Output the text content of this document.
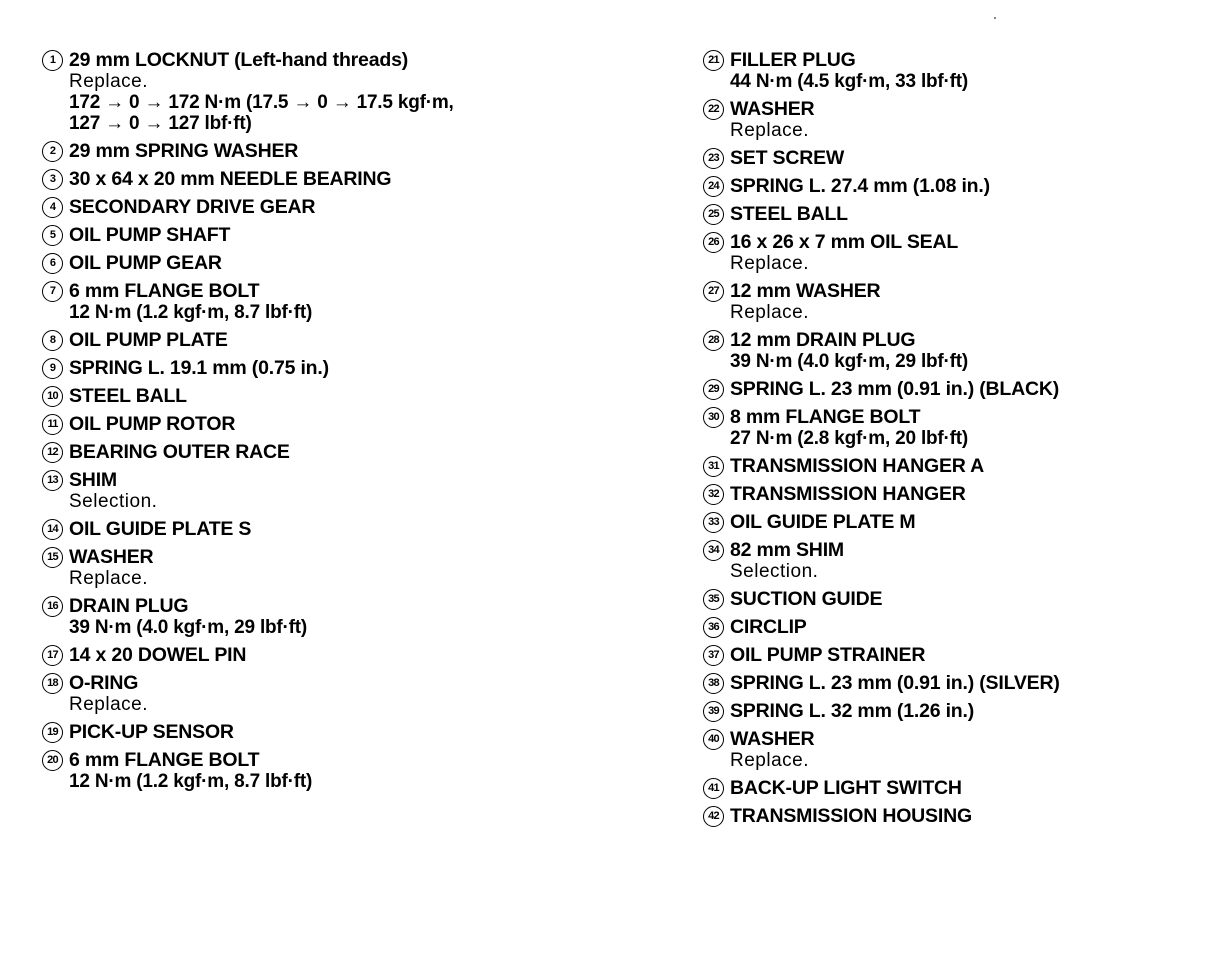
1 29 mm LOCKNUT (Left-hand threads)
Replace.
172 → 0 → 172 N·m (17.5 → 0 → 17.5 kgf·m,
127 → 0 → 127 lbf·ft)
2 29 mm SPRING WASHER
3 30 x 64 x 20 mm NEEDLE BEARING
4 SECONDARY DRIVE GEAR
5 OIL PUMP SHAFT
6 OIL PUMP GEAR
7 6 mm FLANGE BOLT
12 N·m (1.2 kgf·m, 8.7 lbf·ft)
8 OIL PUMP PLATE
9 SPRING L. 19.1 mm (0.75 in.)
10 STEEL BALL
11 OIL PUMP ROTOR
12 BEARING OUTER RACE
13 SHIM
Selection.
14 OIL GUIDE PLATE S
15 WASHER
Replace.
16 DRAIN PLUG
39 N·m (4.0 kgf·m, 29 lbf·ft)
17 14 x 20 DOWEL PIN
18 O-RING
Replace.
19 PICK-UP SENSOR
20 6 mm FLANGE BOLT
12 N·m (1.2 kgf·m, 8.7 lbf·ft)
21 FILLER PLUG
44 N·m (4.5 kgf·m, 33 lbf·ft)
22 WASHER
Replace.
23 SET SCREW
24 SPRING L. 27.4 mm (1.08 in.)
25 STEEL BALL
26 16 x 26 x 7 mm OIL SEAL
Replace.
27 12 mm WASHER
Replace.
28 12 mm DRAIN PLUG
39 N·m (4.0 kgf·m, 29 lbf·ft)
29 SPRING L. 23 mm (0.91 in.) (BLACK)
30 8 mm FLANGE BOLT
27 N·m (2.8 kgf·m, 20 lbf·ft)
31 TRANSMISSION HANGER A
32 TRANSMISSION HANGER
33 OIL GUIDE PLATE M
34 82 mm SHIM
Selection.
35 SUCTION GUIDE
36 CIRCLIP
37 OIL PUMP STRAINER
38 SPRING L. 23 mm (0.91 in.) (SILVER)
39 SPRING L. 32 mm (1.26 in.)
40 WASHER
Replace.
41 BACK-UP LIGHT SWITCH
42 TRANSMISSION HOUSING
